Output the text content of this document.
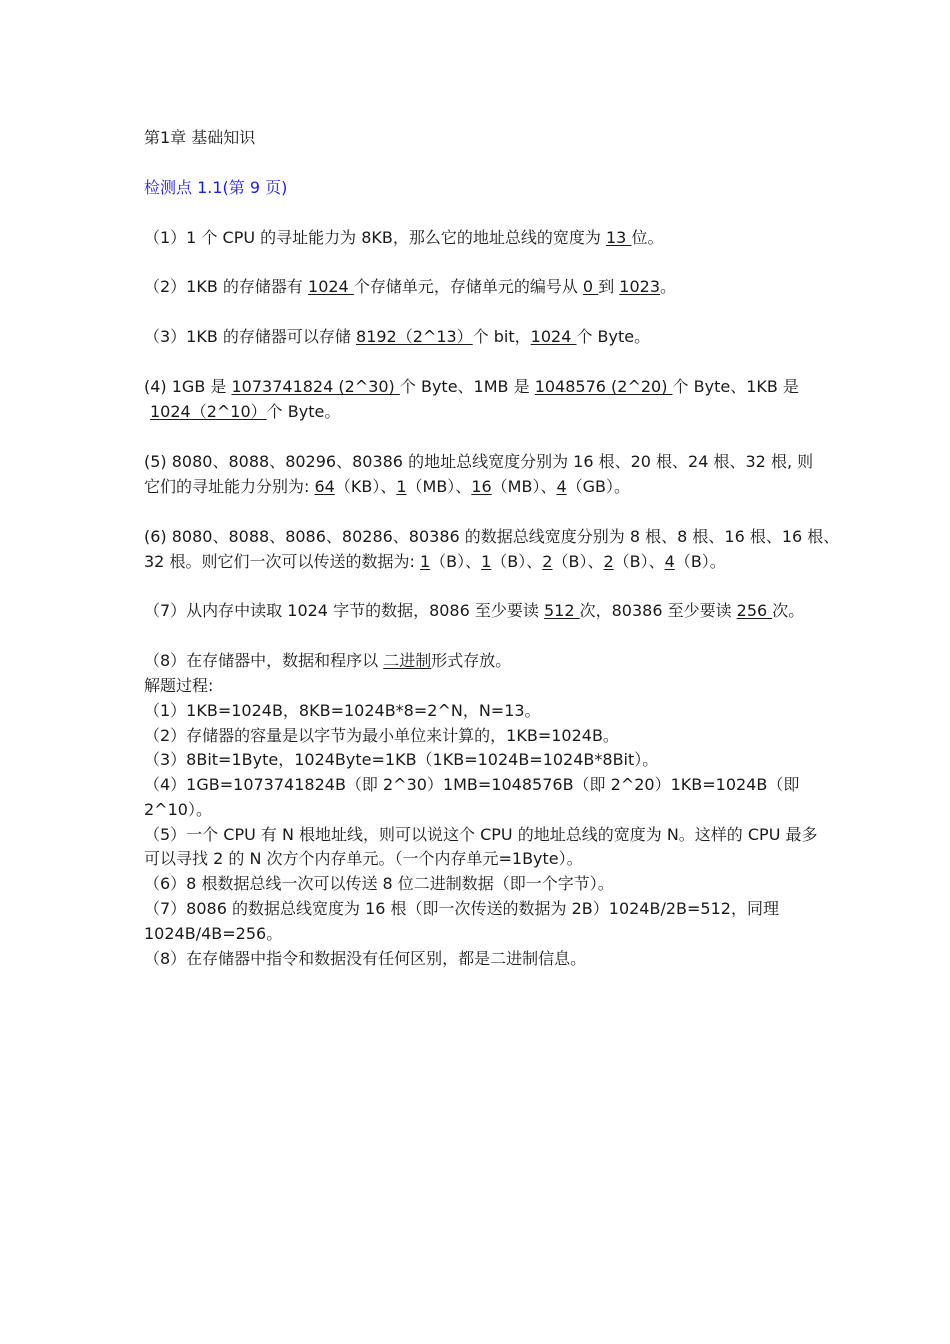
第1章 基础知识
检测点 1.1(第 9 页)
（1）1 个 CPU 的寻址能力为 8KB，那么它的地址总线的宽度为 13 位。
（2）1KB 的存储器有 1024 个存储单元，存储单元的编号从 0 到 1023。
（3）1KB 的存储器可以存储 8192（2^13）个 bit，1024 个 Byte。
(4) 1GB 是 1073741824 (2^30) 个 Byte、1MB 是 1048576 (2^20) 个 Byte、1KB 是
1024（2^10）个 Byte。
(5) 8080、8088、80296、80386 的地址总线宽度分别为 16 根、20 根、24 根、32 根, 则
它们的寻址能力分别为: 64（KB）、1（MB）、16（MB）、4（GB）。
(6) 8080、8088、8086、80286、80386 的数据总线宽度分别为 8 根、8 根、16 根、16 根、
32 根。则它们一次可以传送的数据为: 1（B）、1（B）、2（B）、2（B）、4（B）。
（7）从内存中读取 1024 字节的数据，8086 至少要读 512 次，80386 至少要读 256 次。
（8）在存储器中，数据和程序以 二进制形式存放。
解题过程:
（1）1KB=1024B，8KB=1024B*8=2^N，N=13。
（2）存储器的容量是以字节为最小单位来计算的，1KB=1024B。
（3）8Bit=1Byte，1024Byte=1KB（1KB=1024B=1024B*8Bit）。
（4）1GB=1073741824B（即 2^30）1MB=1048576B（即 2^20）1KB=1024B（即
2^10）。
（5）一个 CPU 有 N 根地址线，则可以说这个 CPU 的地址总线的宽度为 N。这样的 CPU 最多
可以寻找 2 的 N 次方个内存单元。（一个内存单元=1Byte）。
（6）8 根数据总线一次可以传送 8 位二进制数据（即一个字节）。
（7）8086 的数据总线宽度为 16 根（即一次传送的数据为 2B）1024B/2B=512，同理
1024B/4B=256。
（8）在存储器中指令和数据没有任何区别，都是二进制信息。
